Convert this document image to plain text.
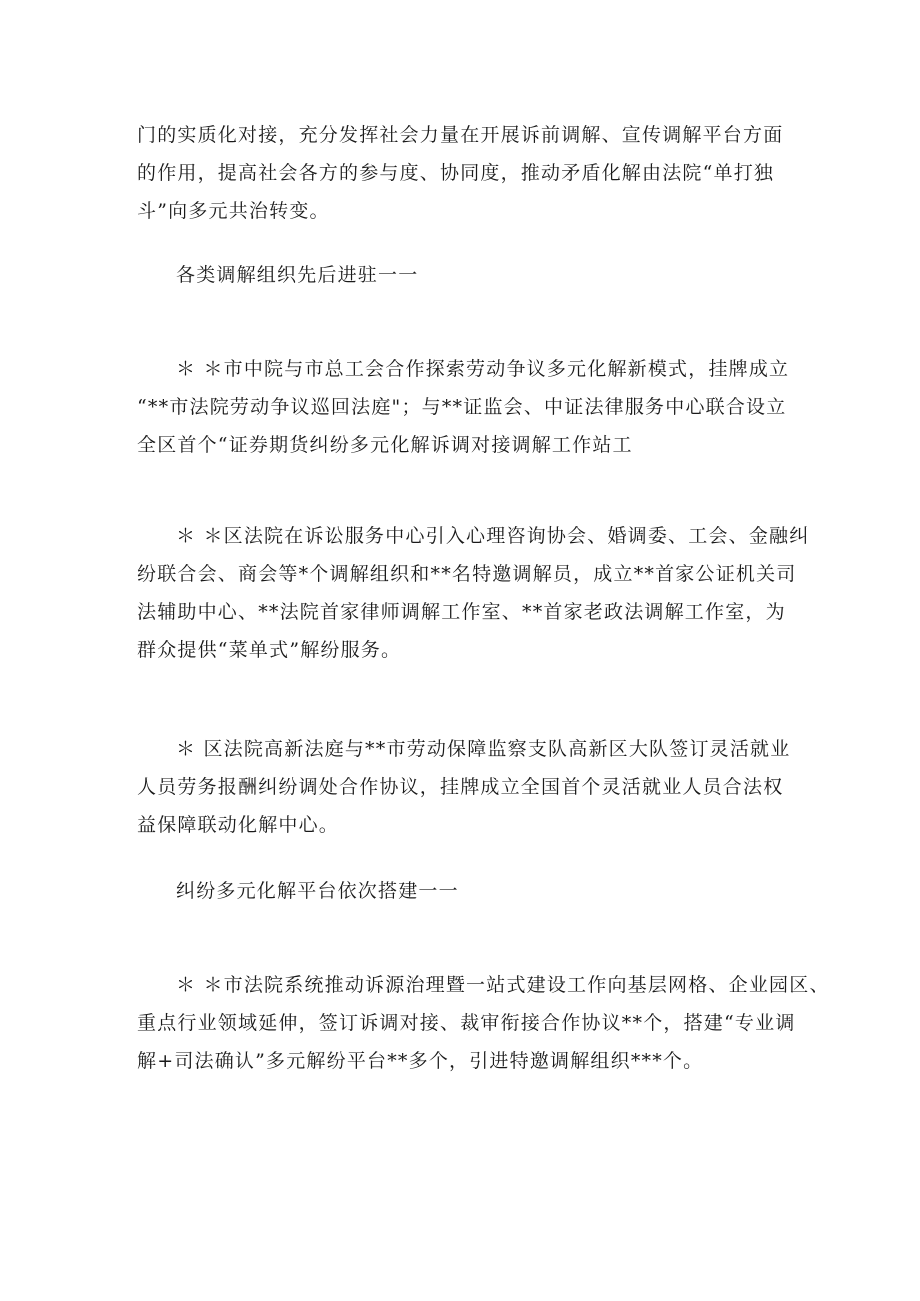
门的实质化对接，充分发挥社会力量在开展诉前调解、宣传调解平台方面
的作用，提高社会各方的参与度、协同度，推动矛盾化解由法院“单打独
斗”向多元共治转变。
各类调解组织先后进驻一一
＊ ＊市中院与市总工会合作探索劳动争议多元化解新模式，挂牌成立
“**市法院劳动争议巡回法庭"；与**证监会、中证法律服务中心联合设立
全区首个“证券期货纠纷多元化解诉调对接调解工作站工
＊ ＊区法院在诉讼服务中心引入心理咨询协会、婚调委、工会、金融纠
纷联合会、商会等*个调解组织和**名特邀调解员，成立**首家公证机关司
法辅助中心、**法院首家律师调解工作室、**首家老政法调解工作室，为
群众提供“菜单式”解纷服务。
＊ 区法院高新法庭与**市劳动保障监察支队高新区大队签订灵活就业
人员劳务报酬纠纷调处合作协议，挂牌成立全国首个灵活就业人员合法权
益保障联动化解中心。
纠纷多元化解平台依次搭建一一
＊ ＊市法院系统推动诉源治理暨一站式建设工作向基层网格、企业园区、
重点行业领域延伸，签订诉调对接、裁审衔接合作协议**个，搭建“专业调
解+司法确认”多元解纷平台**多个，引进特邀调解组织***个。
